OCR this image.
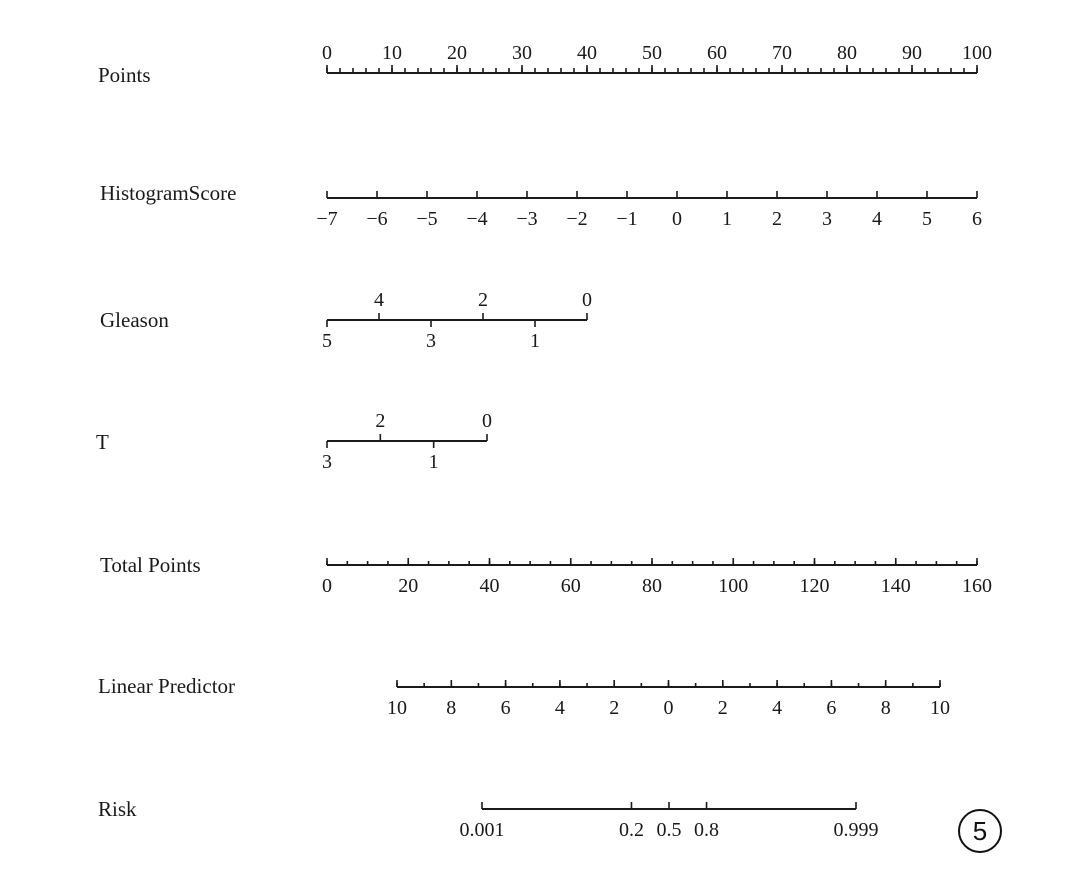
Points
0	10 20 30 40 50 60 70 80 90 100
HistogramScore
−7 −6 −5 −4 −3 −2 −1 0 1 2 3 4 5 6
Gleason
4	2	0
5	3	1
T
2	0
3	1
Total Points
0	20	40	60	80	100	120	140	160
Linear Predictor
10 8 6 4 2 0 2 4 6 8 10
Risk
0.001	0.2 0.5 0.8	0.999	5
